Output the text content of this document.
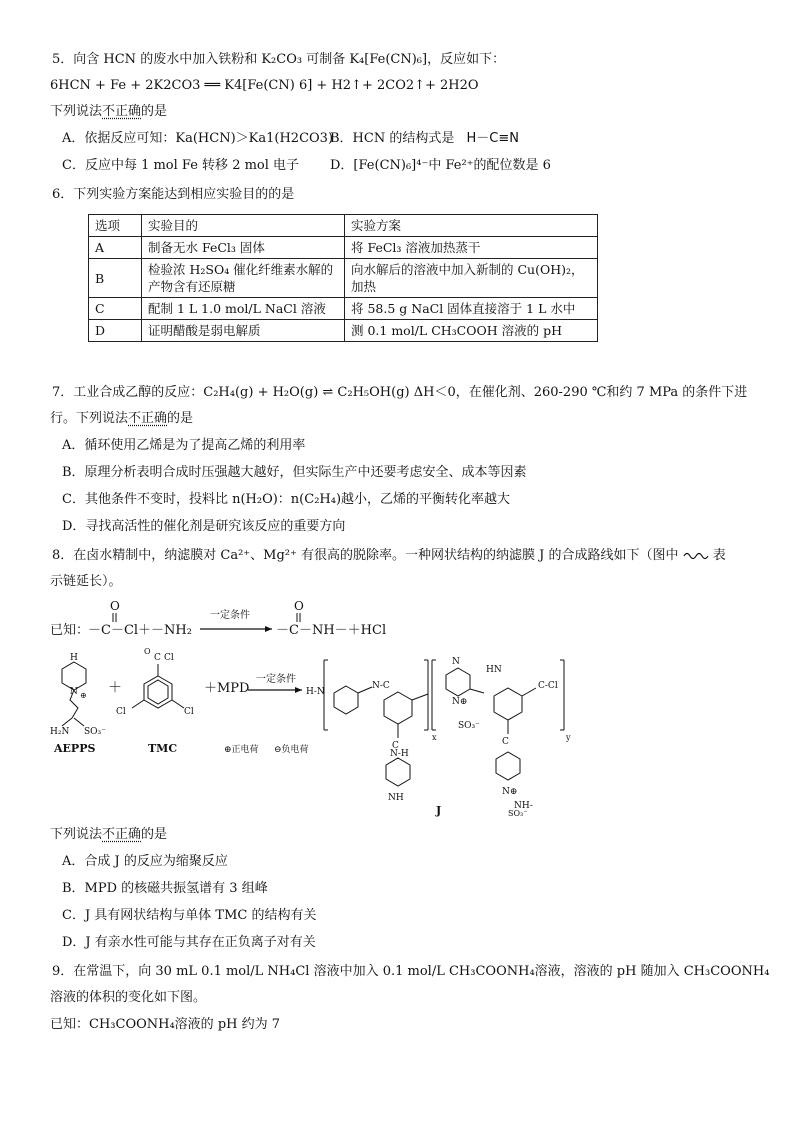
5．向含 HCN 的废水中加入铁粉和 K₂CO₃ 可制备 K₄[Fe(CN)₆]，反应如下：
6HCN + Fe + 2K2CO3 ══ K4[Fe(CN) 6] + H2↑+ 2CO2↑+ 2H2O
下列说法不正确的是
A．依据反应可知：Ka(HCN)＞Ka1(H2CO3)
B．HCN 的结构式是 H－C≡N
C．反应中每 1 mol Fe 转移 2 mol 电子 D．[Fe(CN)₆]⁴⁻中 Fe²⁺的配位数是 6
6．下列实验方案能达到相应实验目的的是
选项	实验目的	实验方案
A	制备无水 FeCl₃ 固体	将 FeCl₃ 溶液加热蒸干
B	检验浓 H₂SO₄ 催化纤维素水解的产物含有还原糖	向水解后的溶液中加入新制的 Cu(OH)₂，加热
C	配制 1 L 1.0 mol/L NaCl 溶液	将 58.5 g NaCl 固体直接溶于 1 L 水中
D	证明醋酸是弱电解质	测 0.1 mol/L CH₃COOH 溶液的 pH
7．工业合成乙醇的反应：C₂H₄(g) + H₂O(g) ⇌ C₂H₅OH(g) ΔH＜0，在催化剂、260-290 ℃和约 7 MPa 的条件下进
行。下列说法不正确的是
A．循环使用乙烯是为了提高乙烯的利用率
B．原理分析表明合成时压强越大越好，但实际生产中还要考虑安全、成本等因素
C．其他条件不变时，投料比 n(H₂O)：n(C₂H₄)越小，乙烯的平衡转化率越大
D．寻找高活性的催化剂是研究该反应的重要方向
8．在卤水精制中，纳滤膜对 Ca²⁺、Mg²⁺ 有很高的脱除率。一种网状结构的纳滤膜 J 的合成路线如下（图中	表
示链延长）。
已知：
O
－C－Cl＋－NH₂
一定条件
O
－C－NH－＋HCl
H
N ⊕
H₂N SO₃⁻
AEPPS
＋
C
O
Cl
Cl	Cl
TMC
＋MPD
一定条件
H-N
N-C
C
N-H
NH
N
N⊕
SO₃⁻
HN
C-Cl
C
N⊕
NH-
SO₃⁻
x	y
⊕正电荷 ⊖负电荷
J
下列说法不正确的是
A．合成 J 的反应为缩聚反应
B．MPD 的核磁共振氢谱有 3 组峰
C．J 具有网状结构与单体 TMC 的结构有关
D．J 有亲水性可能与其存在正负离子对有关
9．在常温下，向 30 mL 0.1 mol/L NH₄Cl 溶液中加入 0.1 mol/L CH₃COONH₄溶液，溶液的 pH 随加入 CH₃COONH₄
溶液的体积的变化如下图。
已知：CH₃COONH₄溶液的 pH 约为 7
